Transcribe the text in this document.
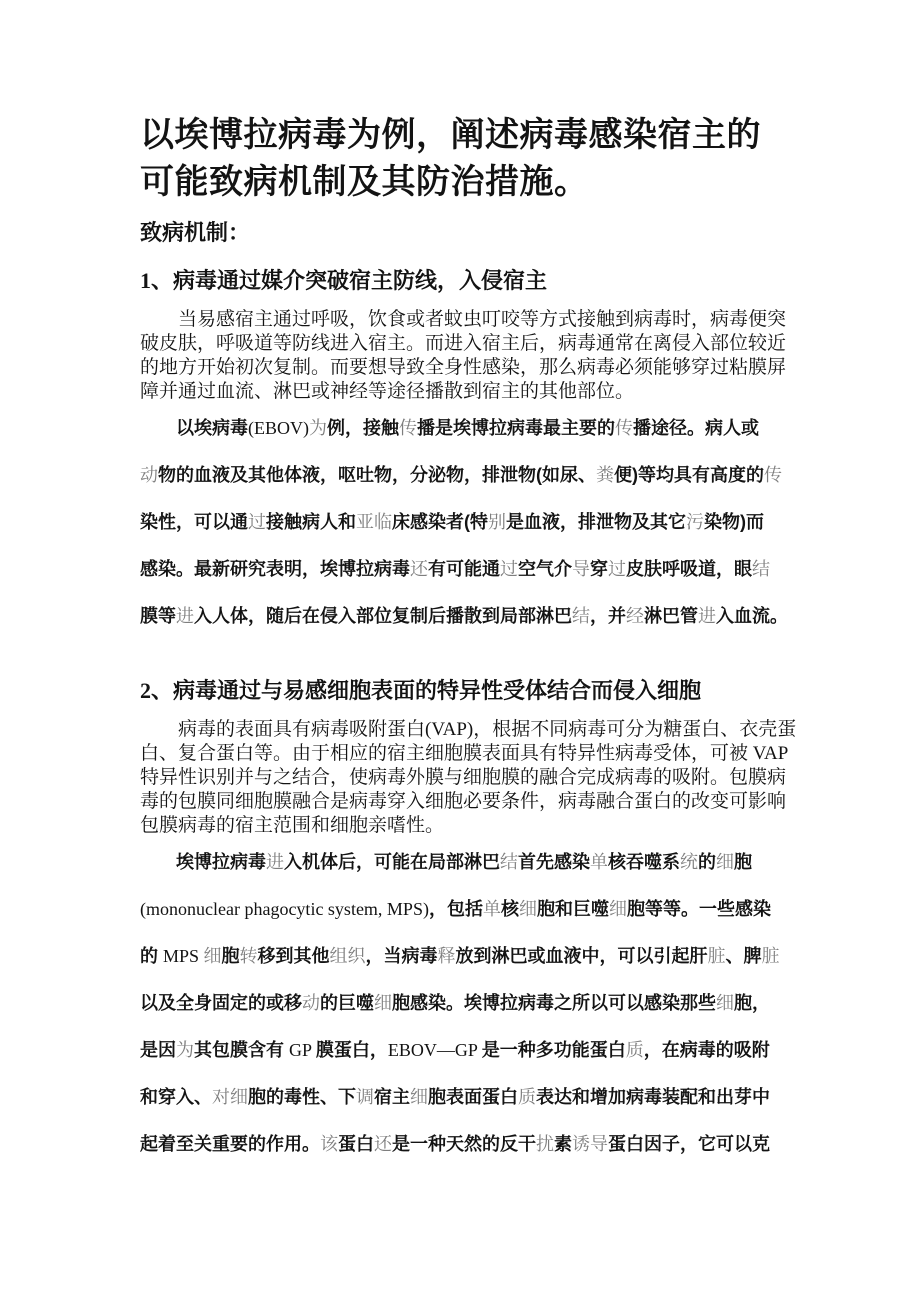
以埃博拉病毒为例，阐述病毒感染宿主的
可能致病机制及其防治措施。
致病机制：
1、病毒通过媒介突破宿主防线，入侵宿主
当易感宿主通过呼吸，饮食或者蚊虫叮咬等方式接触到病毒时，病毒便突
破皮肤，呼吸道等防线进入宿主。而进入宿主后，病毒通常在离侵入部位较近
的地方开始初次复制。而要想导致全身性感染，那么病毒必须能够穿过粘膜屏
障并通过血流、淋巴或神经等途径播散到宿主的其他部位。
以埃病毒(EBOV)为例，接触传播是埃博拉病毒最主要的传播途径。病人或
动物的血液及其他体液，呕吐物，分泌物，排泄物(如尿、粪便)等均具有高度的传
染性，可以通过接触病人和亚临床感染者(特别是血液，排泄物及其它污染物)而
感染。最新研究表明，埃博拉病毒还有可能通过空气介导穿过皮肤呼吸道，眼结
膜等进入人体，随后在侵入部位复制后播散到局部淋巴结，并经淋巴管进入血流。
2、病毒通过与易感细胞表面的特异性受体结合而侵入细胞
病毒的表面具有病毒吸附蛋白(VAP)，根据不同病毒可分为糖蛋白、衣壳蛋
白、复合蛋白等。由于相应的宿主细胞膜表面具有特异性病毒受体，可被 VAP
特异性识别并与之结合，使病毒外膜与细胞膜的融合完成病毒的吸附。包膜病
毒的包膜同细胞膜融合是病毒穿入细胞必要条件，病毒融合蛋白的改变可影响
包膜病毒的宿主范围和细胞亲嗜性。
埃博拉病毒进入机体后，可能在局部淋巴结首先感染单核吞噬系统的细胞
(mononuclear phagocytic system, MPS)，包括单核细胞和巨噬细胞等等。一些感染
的 MPS 细胞转移到其他组织，当病毒释放到淋巴或血液中，可以引起肝脏、脾脏
以及全身固定的或移动的巨噬细胞感染。埃博拉病毒之所以可以感染那些细胞，
是因为其包膜含有 GP 膜蛋白，EBOV—GP 是一种多功能蛋白质，在病毒的吸附
和穿入、对细胞的毒性、下调宿主细胞表面蛋白质表达和增加病毒装配和出芽中
起着至关重要的作用。该蛋白还是一种天然的反干扰素诱导蛋白因子，它可以克
